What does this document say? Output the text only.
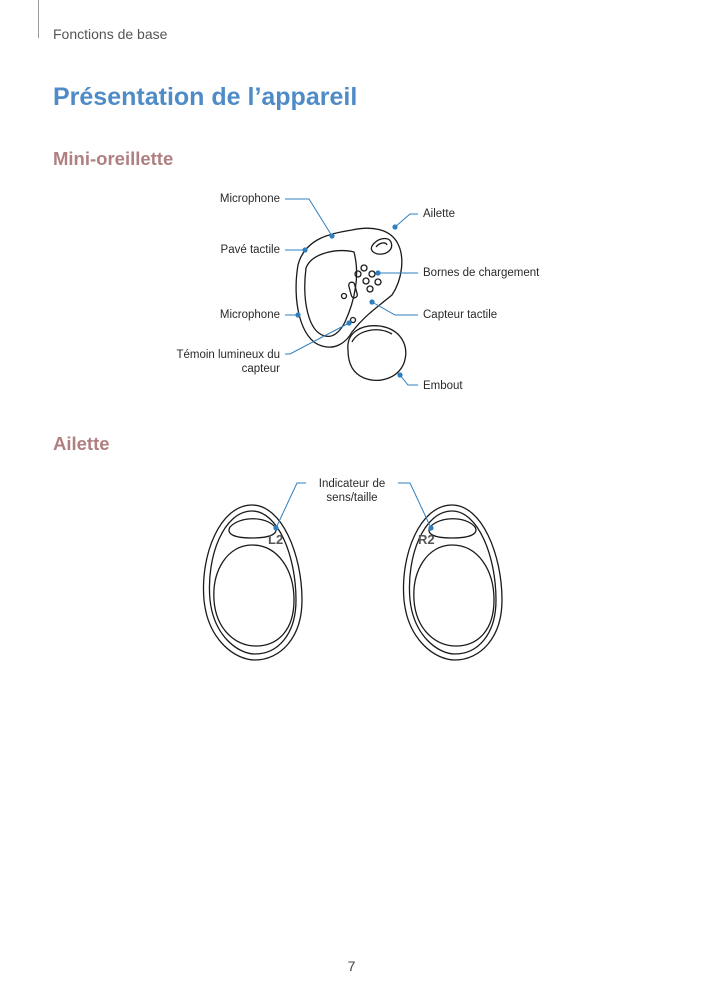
Fonctions de base
Présentation de l’appareil
Mini-oreillette
Microphone
Pavé tactile
Microphone
Témoin lumineux du
capteur
Ailette
Bornes de chargement
Capteur tactile
Embout
Ailette
Indicateur de
sens/taille
L2	R2
7
